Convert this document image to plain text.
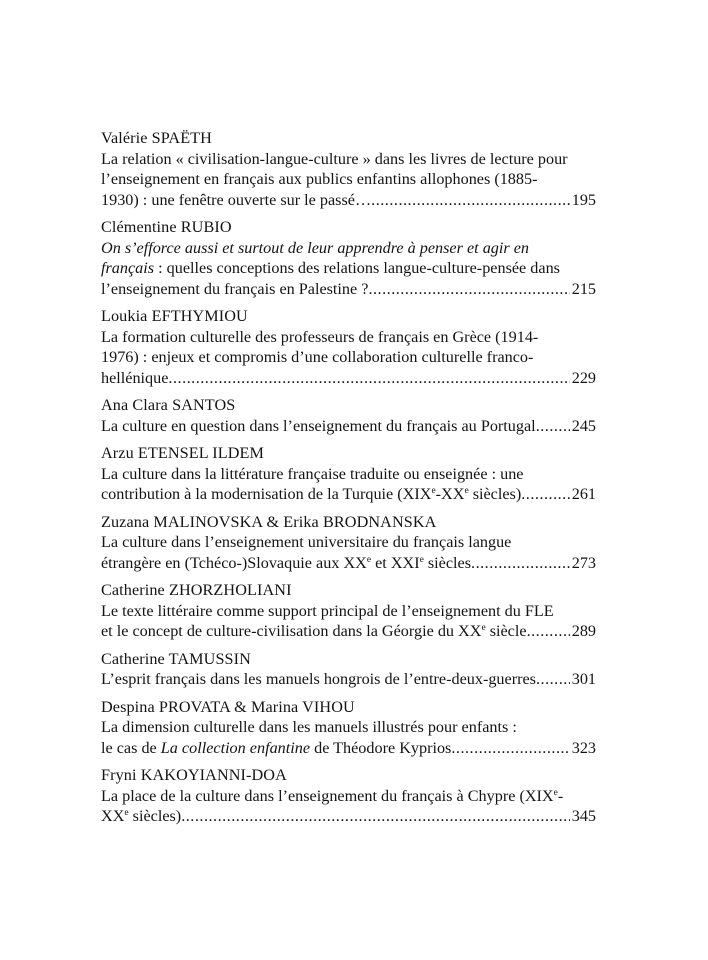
Valérie SPAËTH
La relation « civilisation-langue-culture » dans les livres de lecture pour
l’enseignement en français aux publics enfantins allophones (1885-
1930) : une fenêtre ouverte sur le passé… .....	195
Clémentine RUBIO
On s’efforce aussi et surtout de leur apprendre à penser et agir en
français : quelles conceptions des relations langue-culture-pensée dans
l’enseignement du français en Palestine ? .....	215
Loukia EFTHYMIOU
La formation culturelle des professeurs de français en Grèce (1914-
1976) : enjeux et compromis d’une collaboration culturelle franco-
hellénique .....	229
Ana Clara SANTOS
La culture en question dans l’enseignement du français au Portugal ..... 245
Arzu ETENSEL ILDEM
La culture dans la littérature française traduite ou enseignée : une
contribution à la modernisation de la Turquie (XIXe-XXe siècles) .....	261
Zuzana MALINOVSKA & Erika BRODNANSKA
La culture dans l’enseignement universitaire du français langue
étrangère en (Tchéco-)Slovaquie aux XXe et XXIe siècles .....	273
Catherine ZHORZHOLIANI
Le texte littéraire comme support principal de l’enseignement du FLE
et le concept de culture-civilisation dans la Géorgie du XXe siècle .....	289
Catherine TAMUSSIN
L’esprit français dans les manuels hongrois de l’entre-deux-guerres ..... 301
Despina PROVATA & Marina VIHOU
La dimension culturelle dans les manuels illustrés pour enfants :
le cas de La collection enfantine de Théodore Kyprios .....	323
Fryni KAKOYIANNI-DOA
La place de la culture dans l’enseignement du français à Chypre (XIXe-
XXe siècles) .....	345
